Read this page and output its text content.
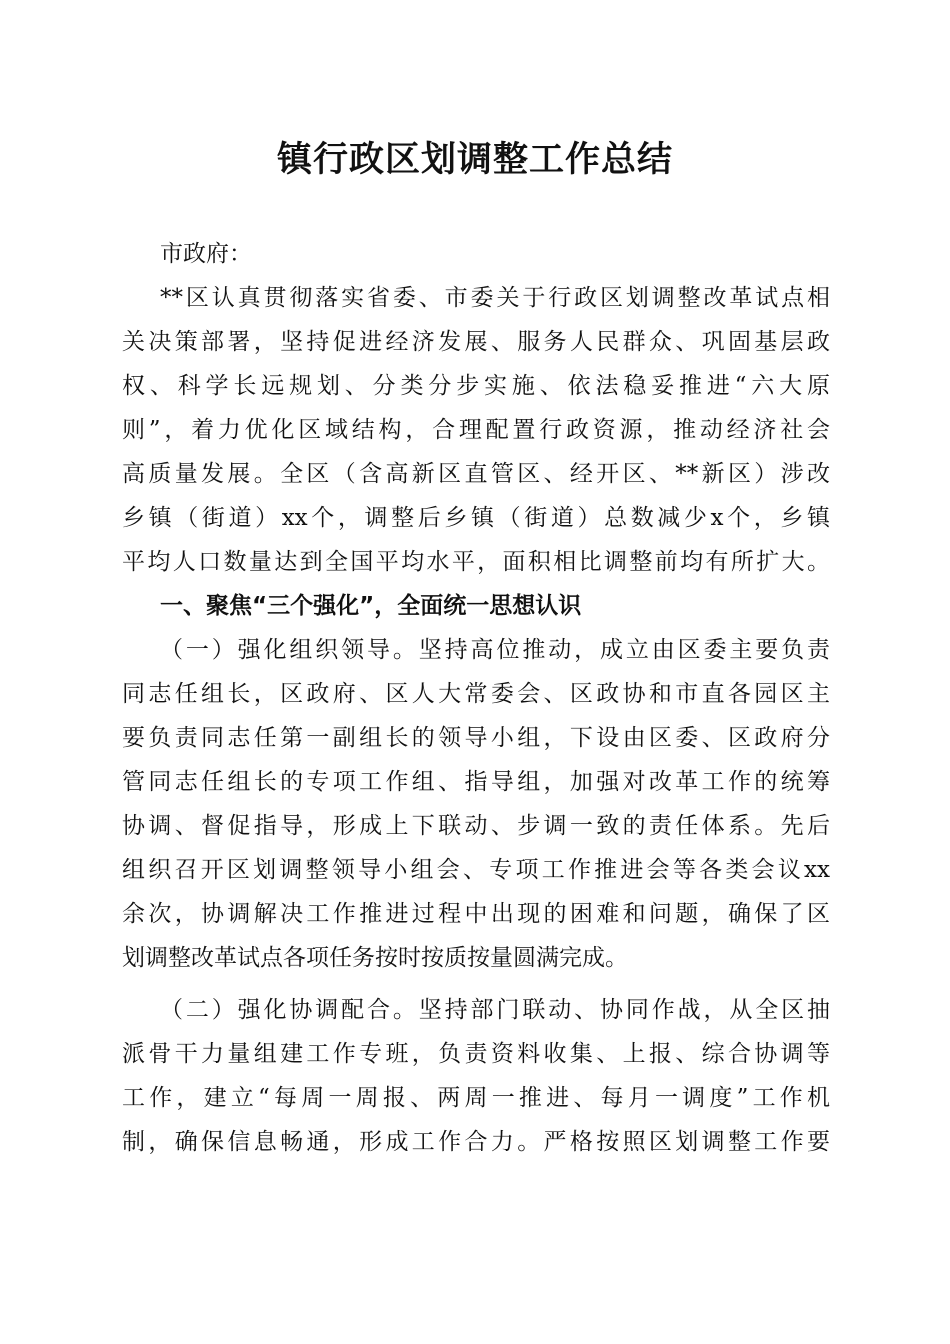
镇行政区划调整工作总结
市政府：
**区认真贯彻落实省委、市委关于行政区划调整改革试点相
关决策部署，坚持促进经济发展、服务人民群众、巩固基层政
权、科学长远规划、分类分步实施、依法稳妥推进“六大原
则”，着力优化区域结构，合理配置行政资源，推动经济社会
高质量发展。全区（含高新区直管区、经开区、**新区）涉改
乡镇（街道）xx个，调整后乡镇（街道）总数减少x个，乡镇
平均人口数量达到全国平均水平，面积相比调整前均有所扩大。
一、聚焦“三个强化”，全面统一思想认识
（一）强化组织领导。坚持高位推动，成立由区委主要负责
同志任组长，区政府、区人大常委会、区政协和市直各园区主
要负责同志任第一副组长的领导小组，下设由区委、区政府分
管同志任组长的专项工作组、指导组，加强对改革工作的统筹
协调、督促指导，形成上下联动、步调一致的责任体系。先后
组织召开区划调整领导小组会、专项工作推进会等各类会议xx
余次，协调解决工作推进过程中出现的困难和问题，确保了区
划调整改革试点各项任务按时按质按量圆满完成。
（二）强化协调配合。坚持部门联动、协同作战，从全区抽
派骨干力量组建工作专班，负责资料收集、上报、综合协调等
工作，建立“每周一周报、两周一推进、每月一调度”工作机
制，确保信息畅通，形成工作合力。严格按照区划调整工作要
